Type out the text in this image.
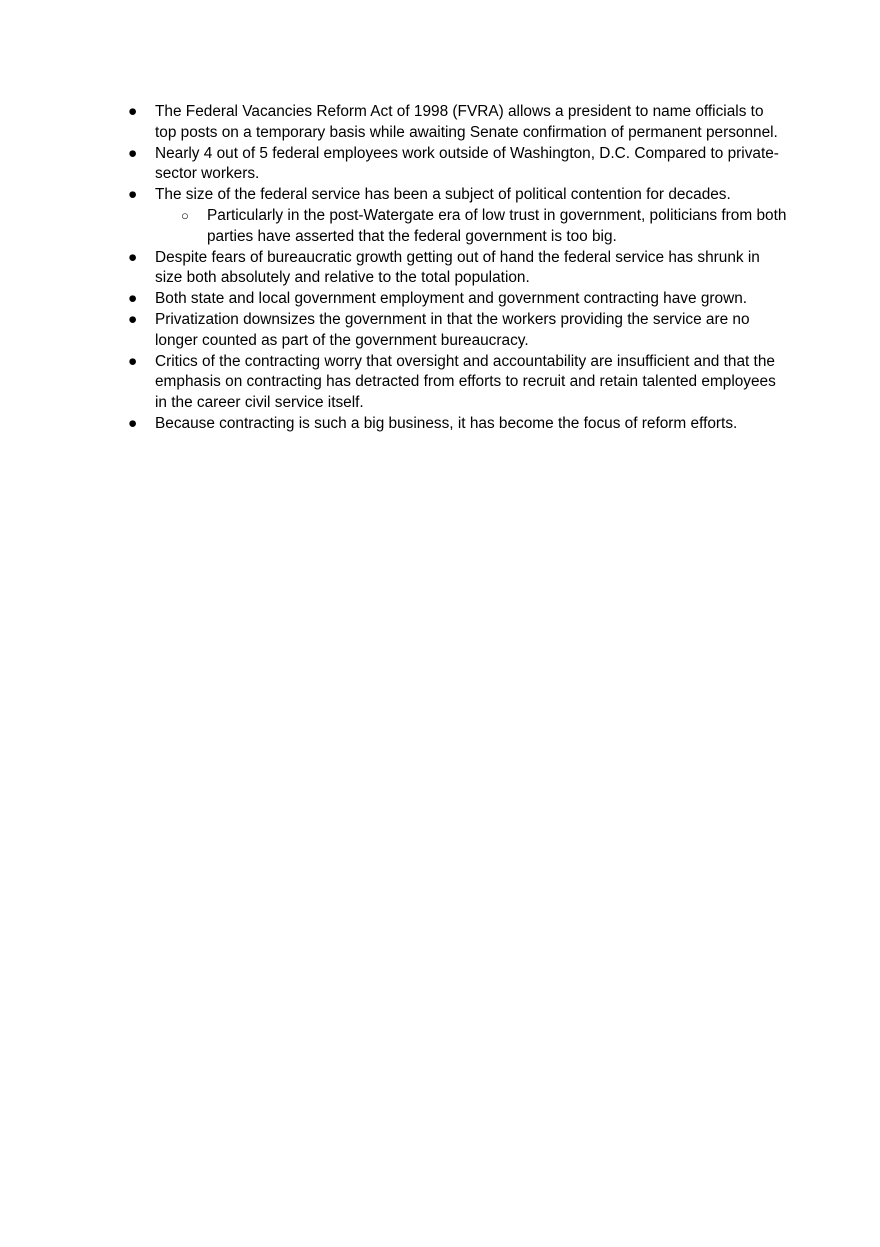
●	The Federal Vacancies Reform Act of 1998 (FVRA) allows a president to name officials to top posts on a temporary basis while awaiting Senate confirmation of permanent personnel.
●	Nearly 4 out of 5 federal employees work outside of Washington, D.C. Compared to private-sector workers.
●	The size of the federal service has been a subject of political contention for decades.
○	Particularly in the post-Watergate era of low trust in government, politicians from both parties have asserted that the federal government is too big.
●	Despite fears of bureaucratic growth getting out of hand the federal service has shrunk in size both absolutely and relative to the total population.
●	Both state and local government employment and government contracting have grown.
●	Privatization downsizes the government in that the workers providing the service are no longer counted as part of the government bureaucracy.
●	Critics of the contracting worry that oversight and accountability are insufficient and that the emphasis on contracting has detracted from efforts to recruit and retain talented employees in the career civil service itself.
●	Because contracting is such a big business, it has become the focus of reform efforts.
